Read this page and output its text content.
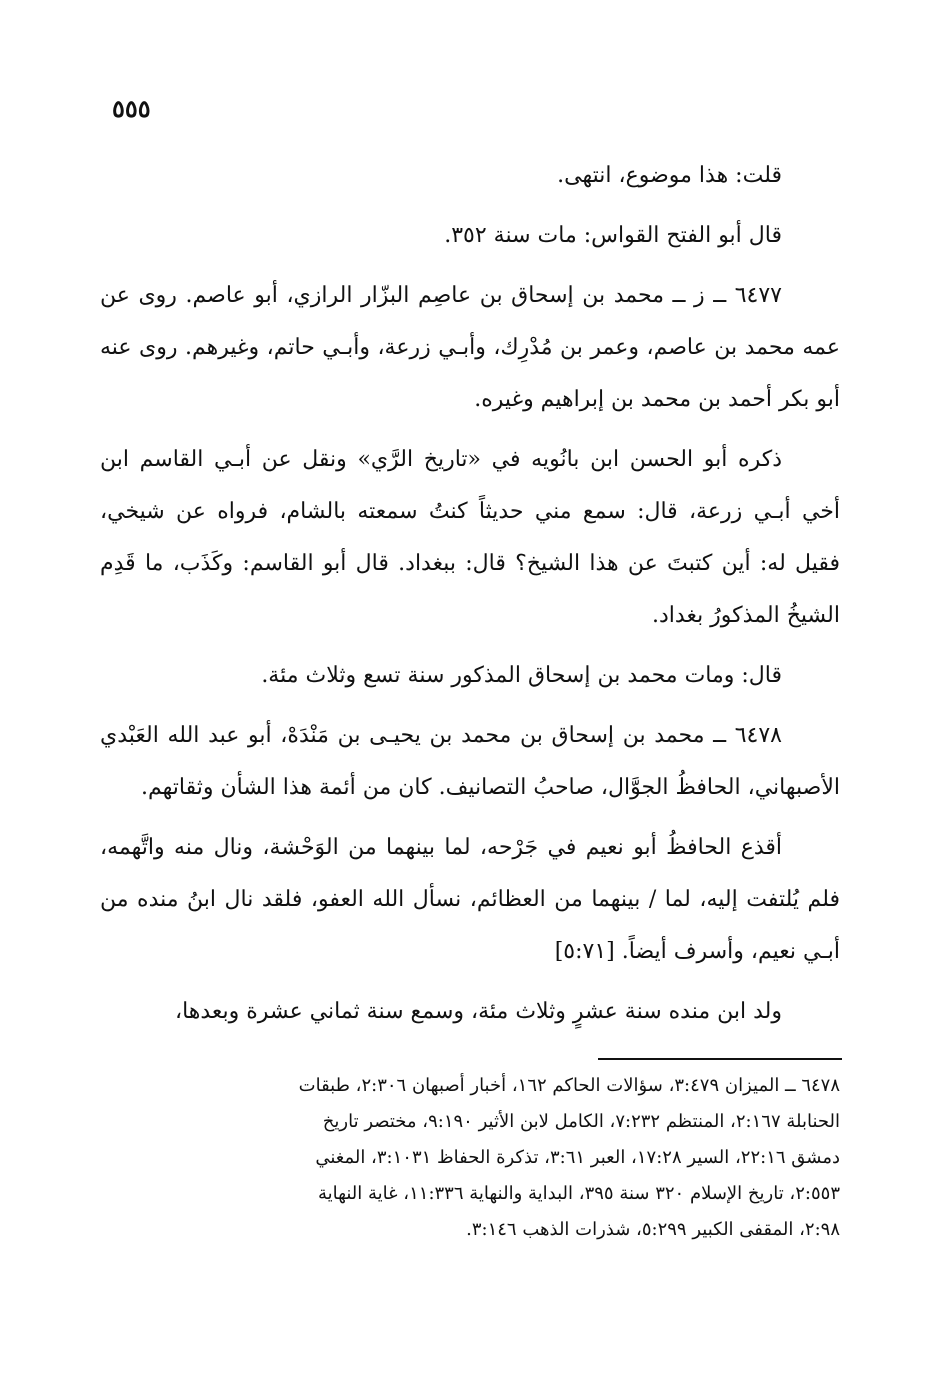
٥٥٥

قلت: هذا موضوع، انتهى.

قال أبو الفتح القواس: مات سنة ٣٥٢.

٦٤٧٧ ــ ز ــ محمد بن إسحاق بن عاصِم البزّار الرازي، أبو عاصم. روى عن عمه محمد بن عاصم، وعمر بن مُدْرِك، وأبـي زرعة، وأبـي حاتم، وغيرهم. روى عنه أبو بكر أحمد بن محمد بن إبراهيم وغيره.

ذكره أبو الحسن ابن بانُويه في «تاريخ الرَّي» ونقل عن أبـي القاسم ابن أخي أبـي زرعة، قال: سمع مني حديثاً كنتُ سمعته بالشام، فرواه عن شيخي، فقيل له: أين كتبتَ عن هذا الشيخ؟ قال: ببغداد. قال أبو القاسم: وكَذَب، ما قَدِم الشيخُ المذكورُ بغداد.

قال: ومات محمد بن إسحاق المذكور سنة تسع وثلاث مئة.

٦٤٧٨ ــ محمد بن إسحاق بن محمد بن يحيـى بن مَنْدَهْ، أبو عبد الله العَبْدي الأصبهاني، الحافظُ الجوَّال، صاحبُ التصانيف. كان من أئمة هذا الشأن وثقاتهم.

أقذع الحافظُ أبو نعيم في جَرْحه، لما بينهما من الوَحْشة، ونال منه واتَّهمه، فلم يُلتفت إليه، لما / بينهما من العظائم، نسأل الله العفو، فلقد نال ابنُ منده من أبـي نعيم، وأسرف أيضاً. [٥:٧١]

ولد ابن منده سنة عشرٍ وثلاث مئة، وسمع سنة ثماني عشرة وبعدها،

٦٤٧٨ ــ الميزان ٣:٤٧٩، سؤالات الحاكم ١٦٢، أخبار أصبهان ٢:٣٠٦، طبقات

الحنابلة ٢:١٦٧، المنتظم ٧:٢٣٢، الكامل لابن الأثير ٩:١٩٠، مختصر تاريخ

دمشق ٢٢:١٦، السير ١٧:٢٨، العبر ٣:٦١، تذكرة الحفاظ ٣:١٠٣١، المغني

٢:٥٥٣، تاريخ الإسلام ٣٢٠ سنة ٣٩٥، البداية والنهاية ١١:٣٣٦، غاية النهاية

٢:٩٨، المقفى الكبير ٥:٢٩٩، شذرات الذهب ٣:١٤٦.
